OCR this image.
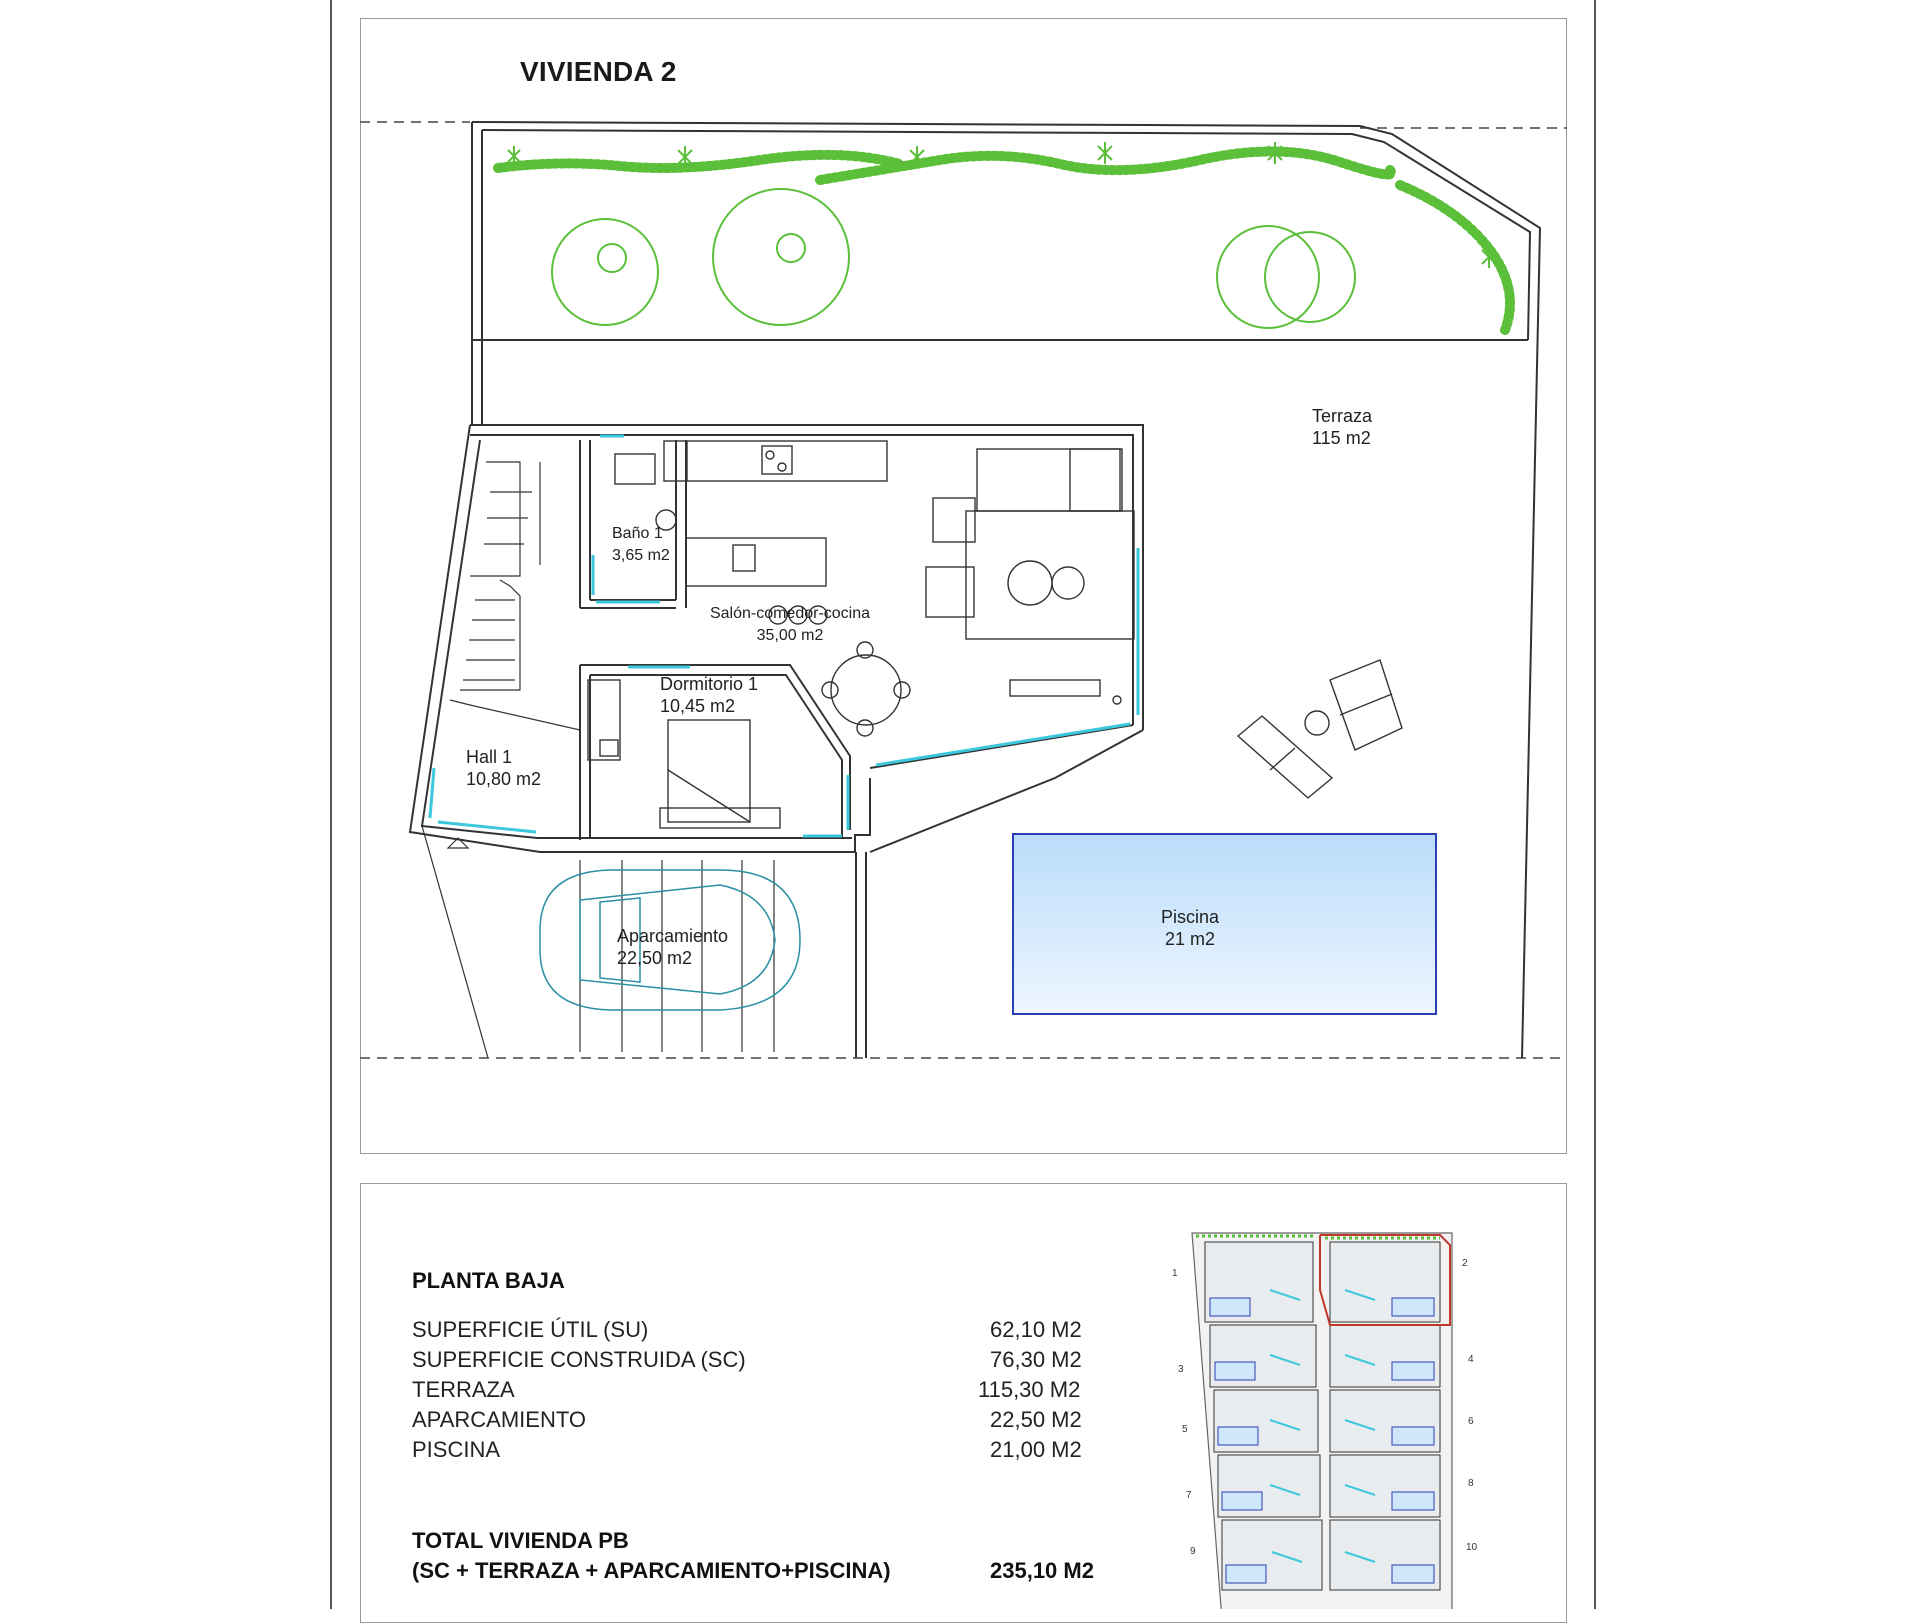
1
2
3
4
5
6
7
8
9	10
VIVIENDA 2
Terraza
115 m2
Baño 1
3,65 m2
Salón-comedor-cocina
35,00 m2
Dormitorio 1
10,45 m2
Hall 1
10,80 m2
Aparcamiento
22,50 m2
Piscina
21 m2
PLANTA BAJA
SUPERFICIE ÚTIL (SU)	62,10 M2
SUPERFICIE CONSTRUIDA (SC)	76,30 M2
TERRAZA	115,30 M2
APARCAMIENTO	22,50 M2
PISCINA	21,00 M2
TOTAL VIVIENDA PB
(SC + TERRAZA + APARCAMIENTO+PISCINA)	235,10 M2
